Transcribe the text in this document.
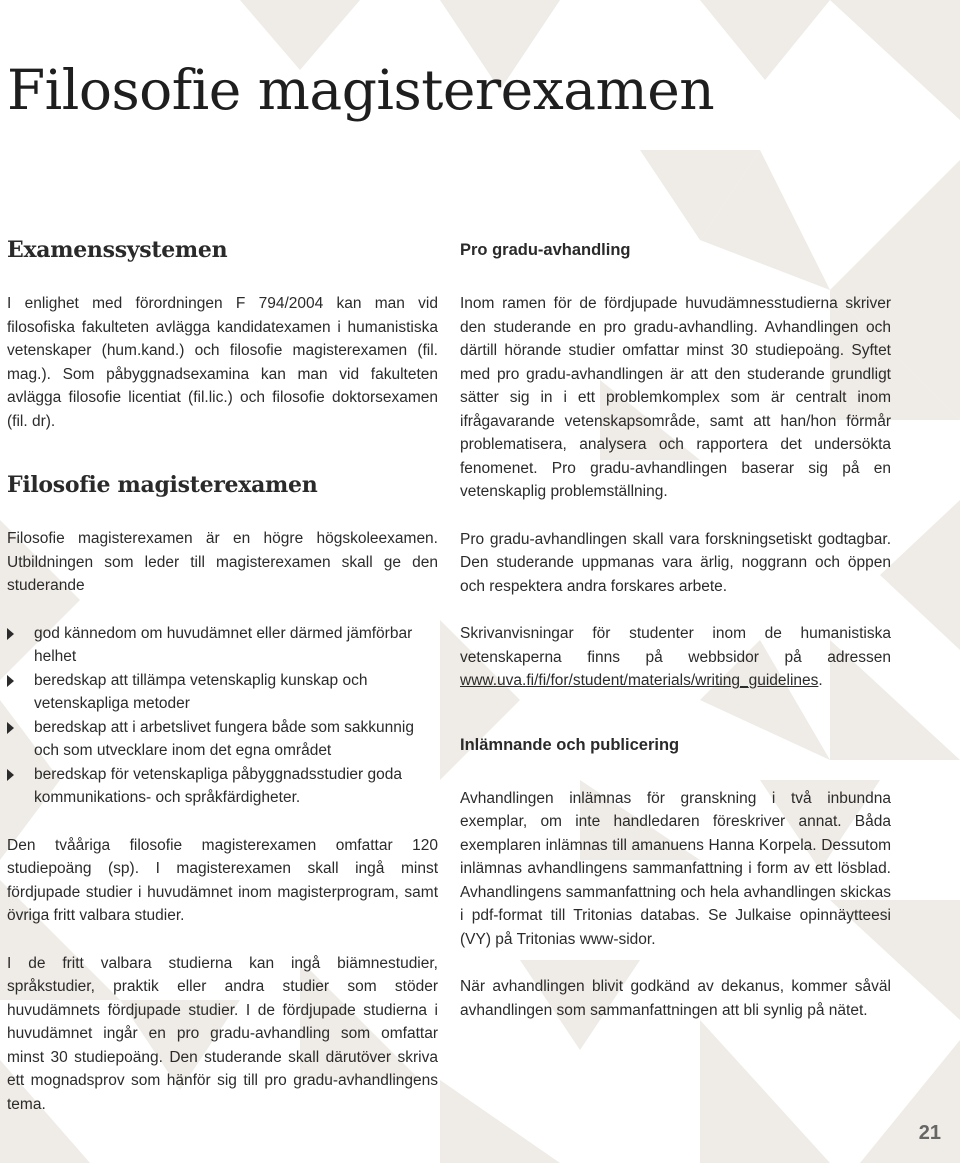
Filosofie magisterexamen
Examenssystemen

I enlighet med förordningen F 794/2004 kan man vid filosofiska fakulteten avlägga kandidatexamen i humanistiska vetenskaper (hum.kand.) och filosofie magisterexamen (fil. mag.). Som påbyggnadsexamina kan man vid fakulteten avlägga filosofie licentiat (fil.lic.) och filosofie doktorsexamen (fil. dr).

Filosofie magisterexamen

Filosofie magisterexamen är en högre högskoleexamen. Utbildningen som leder till magisterexamen skall ge den studerande

god kännedom om huvudämnet eller därmed jämförbar helhet
beredskap att tillämpa vetenskaplig kunskap och vetenskapliga metoder
beredskap att i arbetslivet fungera både som sakkunnig och som utvecklare inom det egna området
beredskap för vetenskapliga påbyggnadsstudier goda kommunikations- och språkfärdigheter.

Den tvååriga filosofie magisterexamen omfattar 120 studiepoäng (sp). I magisterexamen skall ingå minst fördjupade studier i huvudämnet inom magisterprogram, samt övriga fritt valbara studier.

I de fritt valbara studierna kan ingå biämnestudier, språkstudier, praktik eller andra studier som stöder huvudämnets fördjupade studier. I de fördjupade studierna i huvudämnet ingår en pro gradu-avhandling som omfattar minst 30 studiepoäng. Den studerande skall därutöver skriva ett mognadsprov som hänför sig till pro gradu-avhandlingens tema.

Pro gradu-avhandling

Inom ramen för de fördjupade huvudämnesstudierna skriver den studerande en pro gradu-avhandling. Avhandlingen och därtill hörande studier omfattar minst 30 studiepoäng. Syftet med pro gradu-avhandlingen är att den studerande grundligt sätter sig in i ett problemkomplex som är centralt inom ifrågavarande vetenskapsområde, samt att han/hon förmår problematisera, analysera och rapportera det undersökta fenomenet. Pro gradu-avhandlingen baserar sig på en vetenskaplig problemställning.

Pro gradu-avhandlingen skall vara forskningsetiskt godtagbar. Den studerande uppmanas vara ärlig, noggrann och öppen och respektera andra forskares arbete.

Skrivanvisningar för studenter inom de humanistiska vetenskaperna finns på webbsidor på adressen www.uva.fi/fi/for/student/materials/writing_guidelines.

Inlämnande och publicering

Avhandlingen inlämnas för granskning i två inbundna exemplar, om inte handledaren föreskriver annat. Båda exemplaren inlämnas till amanuens Hanna Korpela. Dessutom inlämnas avhandlingens sammanfattning i form av ett lösblad. Avhandlingens sammanfattning och hela avhandlingen skickas i pdf-format till Tritonias databas. Se Julkaise opinnäytteesi (VY) på Tritonias www-sidor.

När avhandlingen blivit godkänd av dekanus, kommer såväl avhandlingen som sammanfattningen att bli synlig på nätet.

21
